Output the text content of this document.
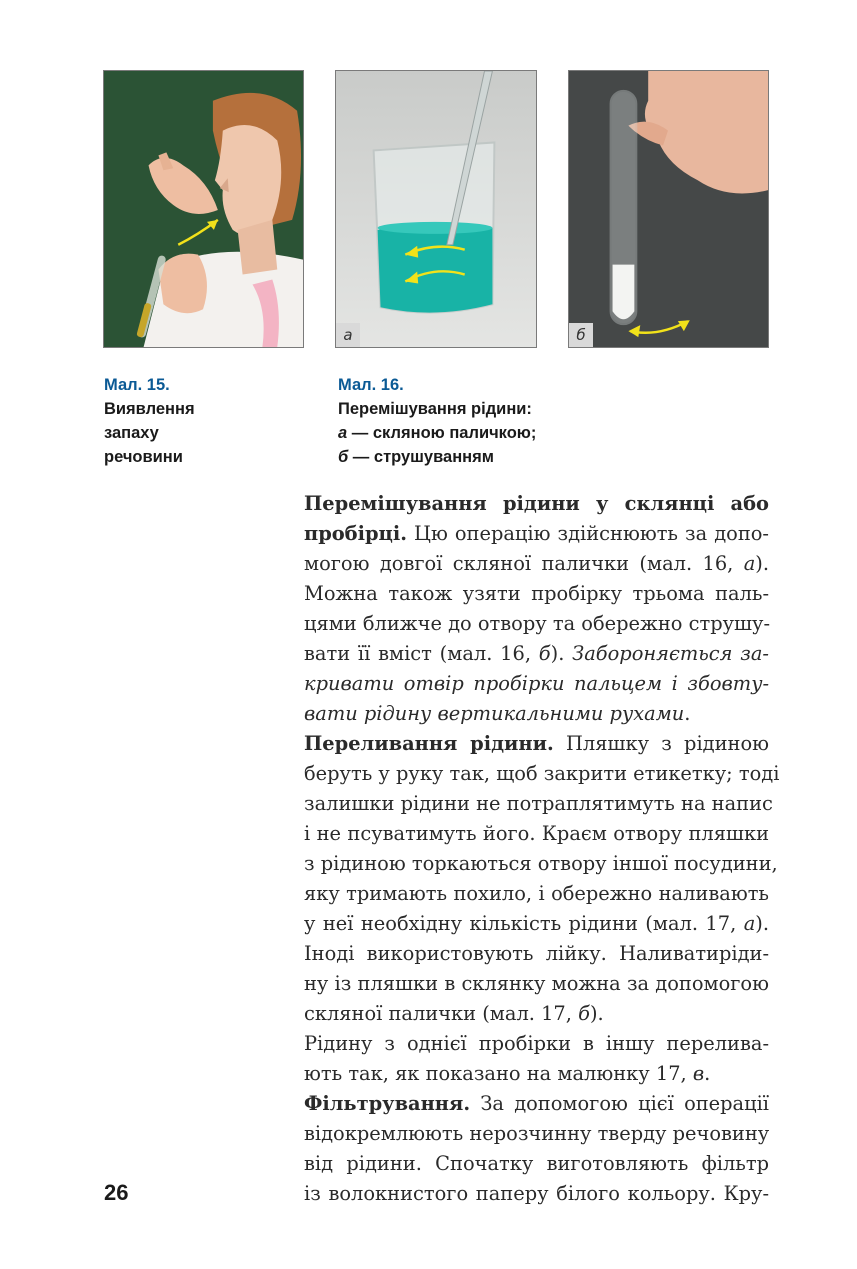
а	б
Мал. 15.
Виявлення
запаху
речовини
Мал. 16.
Перемішування рідини:
а — скляною паличкою;
б — струшуванням

Перемішування рідини у склянці або
пробірці. Цю операцію здійснюють за допо-
могою довгої скляної палички (мал. 16, а).
Можна також узяти пробірку трьома паль-
цями ближче до отвору та обережно струшу-
вати її вміст (мал. 16, б). Забороняється за-
кривати отвір пробірки пальцем і збовту-
вати рідину вертикальними рухами.

Переливання рідини. Пляшку з рідиною
беруть у руку так, щоб закрити етикетку; тоді
залишки рідини не потраплятимуть на напис
і не псуватимуть його. Краєм отвору пляшки
з рідиною торкаються отвору іншої посудини,
яку тримають похило, і обережно наливають
у неї необхідну кількість рідини (мал. 17, а).
Іноді використовують лійку. Наливатиріди-
ну із пляшки в склянку можна за допомогою
скляної палички (мал. 17, б).

Рідину з однієї пробірки в іншу перелива-
ють так, як показано на малюнку 17, в.

Фільтрування. За допомогою цієї операції
відокремлюють нерозчинну тверду речовину
від рідини. Спочатку виготовляють фільтр
із волокнистого паперу білого кольору. Кру-

26
